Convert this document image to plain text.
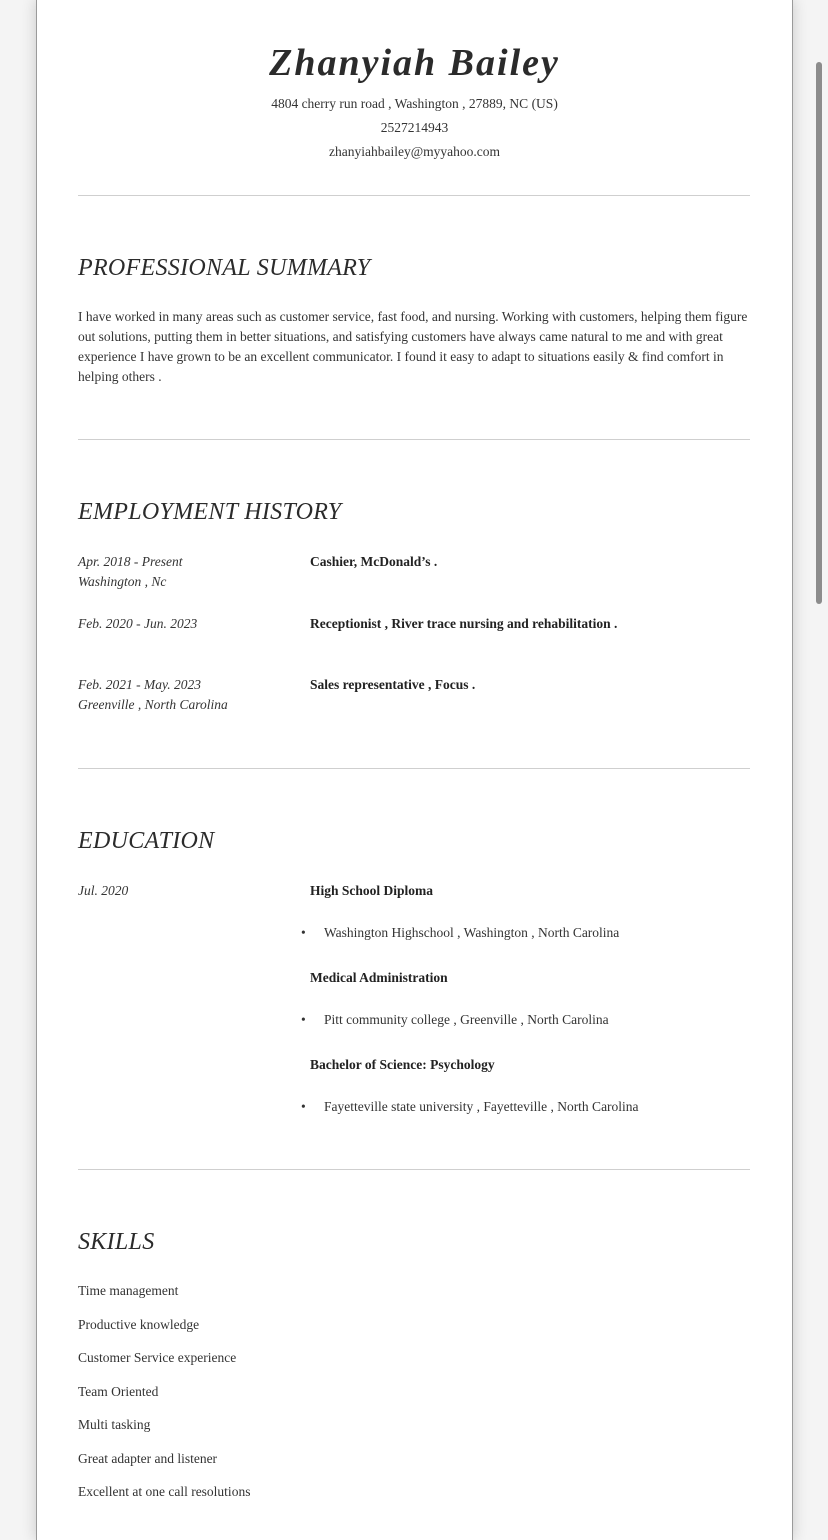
Zhanyiah Bailey
4804 cherry run road , Washington , 27889, NC (US)
2527214943
zhanyiahbailey@myyahoo.com
PROFESSIONAL SUMMARY
I have worked in many areas such as customer service, fast food, and nursing. Working with customers, helping them figure out solutions, putting them in better situations, and satisfying customers have always came natural to me and with great experience I have grown to be an excellent communicator. I found it easy to adapt to situations easily & find comfort in helping others .
EMPLOYMENT HISTORY
Apr. 2018 - Present
Washington , Nc
Cashier, McDonald’s .
Feb. 2020 - Jun. 2023	Receptionist , River trace nursing and rehabilitation .
Feb. 2021 - May. 2023
Greenville , North Carolina
Sales representative , Focus .
EDUCATION
Jul. 2020	High School Diploma
• Washington Highschool , Washington , North Carolina
Medical Administration
• Pitt community college , Greenville , North Carolina
Bachelor of Science: Psychology
• Fayetteville state university , Fayetteville , North Carolina
SKILLS
Time management
Productive knowledge
Customer Service experience
Team Oriented
Multi tasking
Great adapter and listener
Excellent at one call resolutions
